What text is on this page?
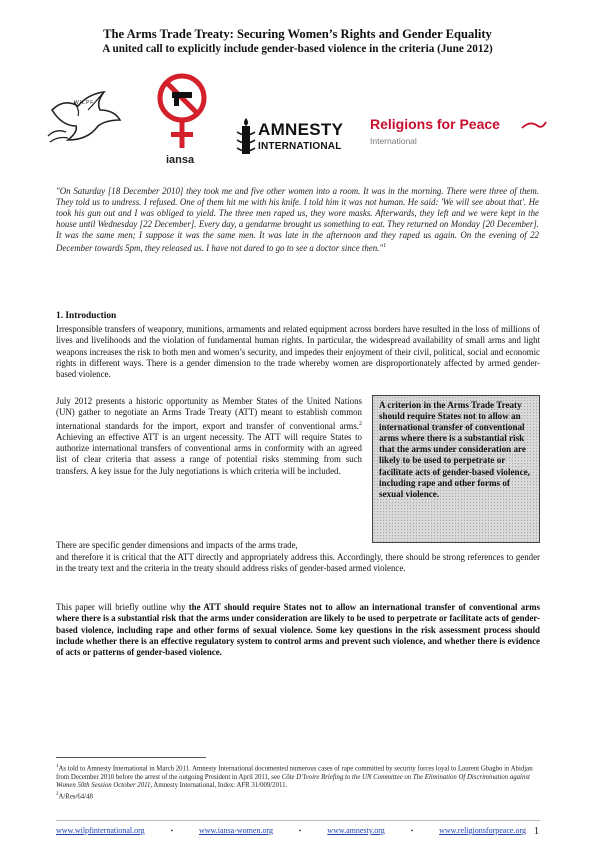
The Arms Trade Treaty: Securing Women’s Rights and Gender Equality
A united call to explicitly include gender-based violence in the criteria (June 2012)
WILPF
iansa
AMNESTY
INTERNATIONAL
Religions for Peace
International
"On Saturday [18 December 2010] they took me and five other women into a room. It was in the morning. There were three of them. They told us to undress. I refused. One of them hit me with his knife. I told him it was not human. He said: 'We will see about that'. He took his gun out and I was obliged to yield. The three men raped us, they wore masks. Afterwards, they left and we were kept in the house until Wednesday [22 December]. Every day, a gendarme brought us something to eat. They returned on Monday [20 December]. It was the same men; I suppose it was the same men. It was late in the afternoon and they raped us again. On the evening of 22 December towards 5pm, they released us. I have not dared to go to see a doctor since then."$^1$
1. Introduction
Irresponsible transfers of weaponry, munitions, armaments and related equipment across borders have resulted in the loss of millions of lives and livelihoods and the violation of fundamental human rights. In particular, the widespread availability of small arms and light weapons increases the risk to both men and women’s security, and impedes their enjoyment of their civil, political, social and economic rights in different ways. There is a gender dimension to the trade whereby women are disproportionately affected by armed gender-based violence.
July 2012 presents a historic opportunity as Member States of the United Nations (UN) gather to negotiate an Arms Trade Treaty (ATT) meant to establish common international standards for the import, export and transfer of conventional arms.$^2$ Achieving an effective ATT is an urgent necessity. The ATT will require States to authorize international transfers of conventional arms in conformity with an agreed list of clear criteria that assess a range of potential risks stemming from such transfers. A key issue for the July negotiations is which criteria will be included.
A criterion in the Arms Trade Treaty should require States not to allow an international transfer of conventional arms where there is a substantial risk that the arms under consideration are likely to be used to perpetrate or facilitate acts of gender-based violence, including rape and other forms of sexual violence.
There are specific gender dimensions and impacts of the arms trade,
and therefore it is critical that the ATT directly and appropriately address this. Accordingly, there should be strong references to gender in the treaty text and the criteria in the treaty should address risks of gender-based armed violence.
This paper will briefly outline why the ATT should require States not to allow an international transfer of conventional arms where there is a substantial risk that the arms under consideration are likely to be used to perpetrate or facilitate acts of gender-based violence, including rape and other forms of sexual violence. Some key questions in the risk assessment process should include whether there is an effective regulatory system to control arms and prevent such violence, and whether there is evidence of acts or patterns of gender-based violence.
$^1$As told to Amnesty International in March 2011. Amnesty International documented numerous cases of rape committed by security forces loyal to Laurent Gbagbo in Abidjan from December 2010 before the arrest of the outgoing President in April 2011, see Côte D’Ivoire Briefing to the UN Committee on The Elimination Of Discrimination against Women 50th Session October 2011, Amnesty International, Index: AFR 31/009/2011.
$^2$A/Res/64/48
www.wilpfinternational.org	•	www.iansa-women.org	•	www.amnesty.org	•	www.religionsforpeace.org 1
